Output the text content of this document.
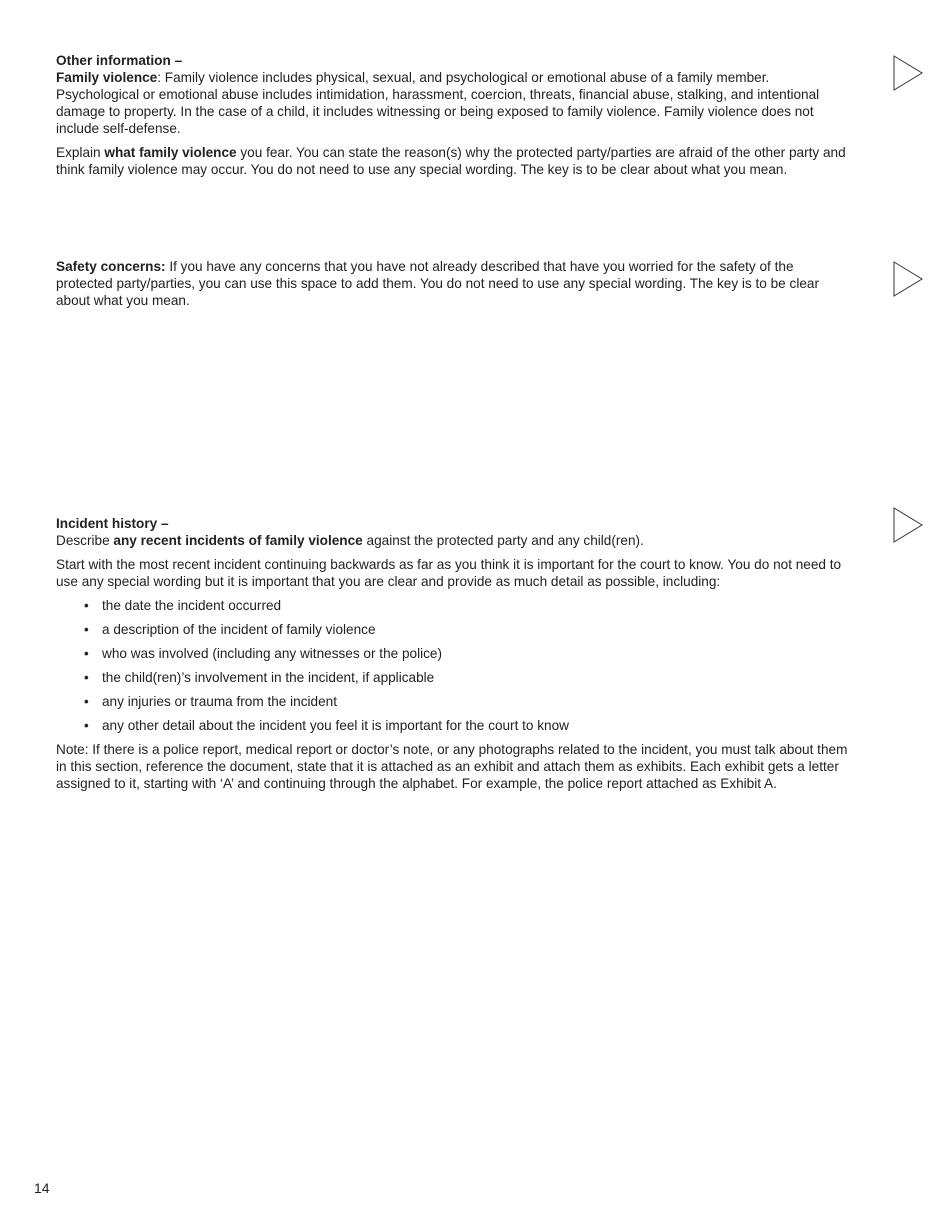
Other information –

Family violence: Family violence includes physical, sexual, and psychological or emotional abuse of a family member. Psychological or emotional abuse includes intimidation, harassment, coercion, threats, financial abuse, stalking, and intentional damage to property. In the case of a child, it includes witnessing or being exposed to family violence. Family violence does not include self-defense.

Explain what family violence you fear. You can state the reason(s) why the protected party/parties are afraid of the other party and think family violence may occur. You do not need to use any special wording. The key is to be clear about what you mean.

Safety concerns: If you have any concerns that you have not already described that have you worried for the safety of the protected party/parties, you can use this space to add them. You do not need to use any special wording. The key is to be clear about what you mean.

Incident history –

Describe any recent incidents of family violence against the protected party and any child(ren).

Start with the most recent incident continuing backwards as far as you think it is important for the court to know. You do not need to use any special wording but it is important that you are clear and provide as much detail as possible, including:

• the date the incident occurred
• a description of the incident of family violence
• who was involved (including any witnesses or the police)
• the child(ren)’s involvement in the incident, if applicable
• any injuries or trauma from the incident
• any other detail about the incident you feel it is important for the court to know

Note: If there is a police report, medical report or doctor’s note, or any photographs related to the incident, you must talk about them in this section, reference the document, state that it is attached as an exhibit and attach them as exhibits. Each exhibit gets a letter assigned to it, starting with ‘A’ and continuing through the alphabet. For example, the police report attached as Exhibit A.

14
